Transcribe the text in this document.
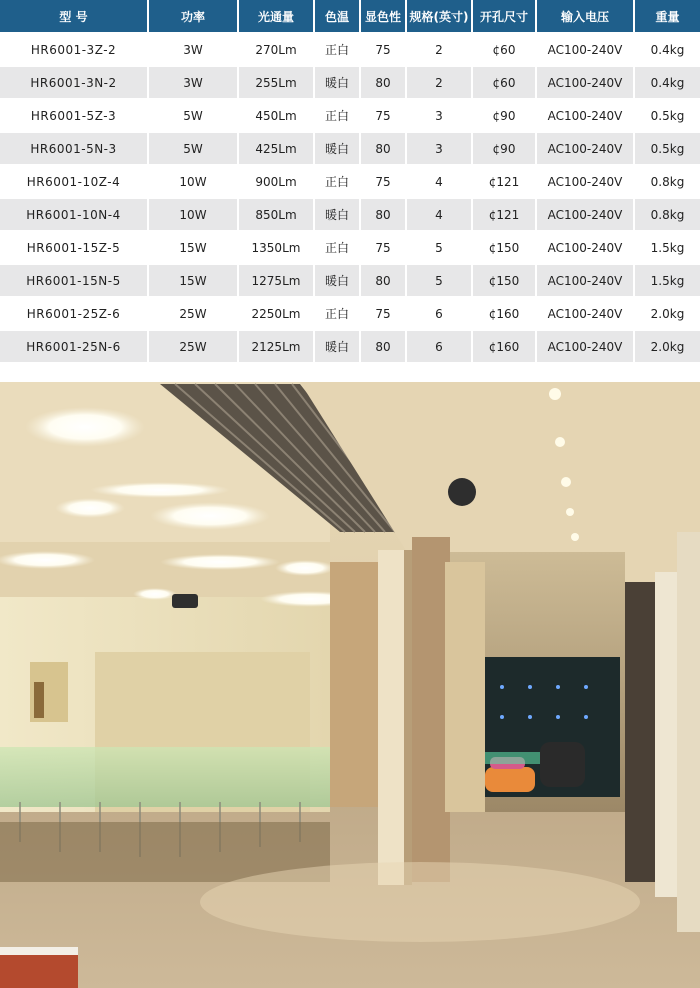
型 号	功率	光通量	色温	显色性	规格(英寸)	开孔尺寸	输入电压	重量
HR6001-3Z-2	3W	270Lm	正白	75	2	¢60	AC100-240V	0.4kg
HR6001-3N-2	3W	255Lm	暖白	80	2	¢60	AC100-240V	0.4kg
HR6001-5Z-3	5W	450Lm	正白	75	3	¢90	AC100-240V	0.5kg
HR6001-5N-3	5W	425Lm	暖白	80	3	¢90	AC100-240V	0.5kg
HR6001-10Z-4	10W	900Lm	正白	75	4	¢121	AC100-240V	0.8kg
HR6001-10N-4	10W	850Lm	暖白	80	4	¢121	AC100-240V	0.8kg
HR6001-15Z-5	15W	1350Lm	正白	75	5	¢150	AC100-240V	1.5kg
HR6001-15N-5	15W	1275Lm	暖白	80	5	¢150	AC100-240V	1.5kg
HR6001-25Z-6	25W	2250Lm	正白	75	6	¢160	AC100-240V	2.0kg
HR6001-25N-6	25W	2125Lm	暖白	80	6	¢160	AC100-240V	2.0kg
